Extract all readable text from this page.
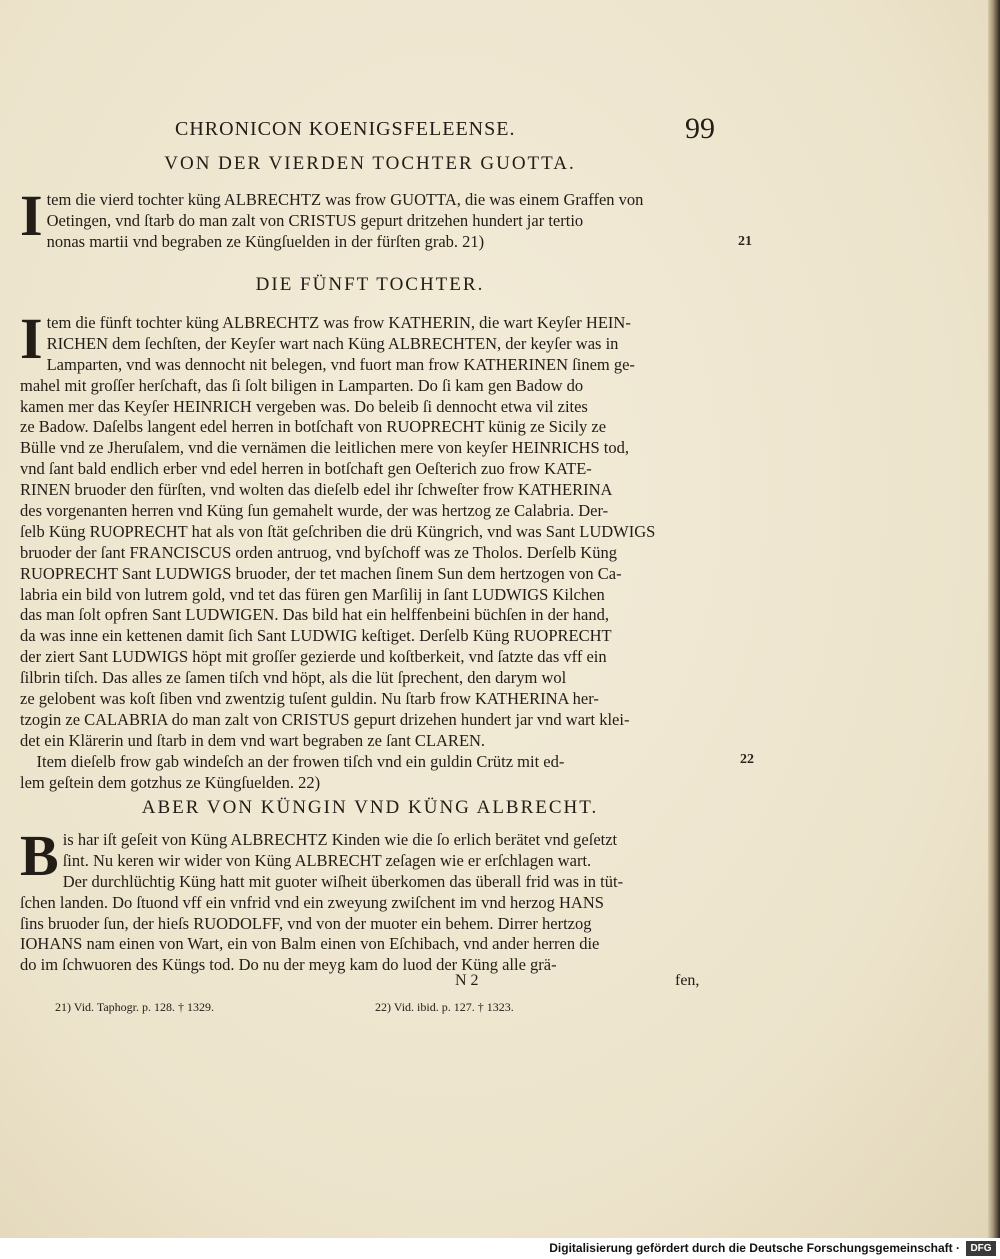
CHRONICON KOENIGSFELEENSE.	99
VON DER VIERDEN TOCHTER GUOTTA.
I tem die vierd tochter küng ALBRECHTZ was frow GUOTTA, die was einem Graffen von
Oetingen, vnd ſtarb do man zalt von CRISTUS gepurt dritzehen hundert jar tertio
nonas martii vnd begraben ze Küngſuelden in der fürſten grab. 21)
DIE FÜNFT TOCHTER.
I tem die fünft tochter küng ALBRECHTZ was frow KATHERIN, die wart Keyſer HEIN-
RICHEN dem ſechſten, der Keyſer wart nach Küng ALBRECHTEN, der keyſer was in
Lamparten, vnd was dennocht nit belegen, vnd fuort man frow KATHERINEN ſinem ge-
mahel mit groſſer herſchaft, das ſi ſolt biligen in Lamparten. Do ſi kam gen Badow do
kamen mer das Keyſer HEINRICH vergeben was. Do beleib ſi dennocht etwa vil zites
ze Badow. Daſelbs langent edel herren in botſchaft von RUOPRECHT künig ze Sicily ze
Bülle vnd ze Jheruſalem, vnd die vernämen die leitlichen mere von keyſer HEINRICHS tod,
vnd ſant bald endlich erber vnd edel herren in botſchaft gen Oeſterich zuo frow KATE-
RINEN bruoder den fürſten, vnd wolten das dieſelb edel ihr ſchweſter frow KATHERINA
des vorgenanten herren vnd Küng ſun gemahelt wurde, der was hertzog ze Calabria. Der-
ſelb Küng RUOPRECHT hat als von ſtät geſchriben die drü Küngrich, vnd was Sant LUDWIGS
bruoder der ſant FRANCISCUS orden antruog, vnd byſchoff was ze Tholos. Derſelb Küng
RUOPRECHT Sant LUDWIGS bruoder, der tet machen ſinem Sun dem hertzogen von Ca-
labria ein bild von lutrem gold, vnd tet das füren gen Marſilij in ſant LUDWIGS Kilchen
das man ſolt opfren Sant LUDWIGEN. Das bild hat ein helffenbeini büchſen in der hand,
da was inne ein kettenen damit ſich Sant LUDWIG keſtiget. Derſelb Küng RUOPRECHT
der ziert Sant LUDWIGS höpt mit groſſer gezierde und koſtberkeit, vnd ſatzte das vff ein
ſilbrin tiſch. Das alles ze ſamen tiſch vnd höpt, als die lüt ſprechent, den darym wol
ze gelobent was koſt ſiben vnd zwentzig tuſent guldin. Nu ſtarb frow KATHERINA her-
tzogin ze CALABRIA do man zalt von CRISTUS gepurt drizehen hundert jar vnd wart klei-
det ein Klärerin und ſtarb in dem vnd wart begraben ze ſant CLAREN.
Item dieſelb frow gab windeſch an der frowen tiſch vnd ein guldin Crütz mit ed-
lem geſtein dem gotzhus ze Küngſuelden. 22)
ABER VON KÜNGIN VND KÜNG ALBRECHT.
B is har iſt geſeit von Küng ALBRECHTZ Kinden wie die ſo erlich berätet vnd geſetzt
ſint. Nu keren wir wider von Küng ALBRECHT zeſagen wie er erſchlagen wart.
Der durchlüchtig Küng hatt mit guoter wiſheit überkomen das überall frid was in tüt-
ſchen landen. Do ſtuond vff ein vnfrid vnd ein zweyung zwiſchent im vnd herzog HANS
ſins bruoder ſun, der hieſs RUODOLFF, vnd von der muoter ein behem. Dirrer hertzog
IOHANS nam einen von Wart, ein von Balm einen von Eſchibach, vnd ander herren die
do im ſchwuoren des Küngs tod. Do nu der meyg kam do luod der Küng alle grä-
21
22
N 2	fen,
21) Vid. Taphogr. p. 128. † 1329.	22) Vid. ibid. p. 127. † 1323.
Digitalisierung gefördert durch die Deutsche Forschungsgemeinschaft ·	DFG
